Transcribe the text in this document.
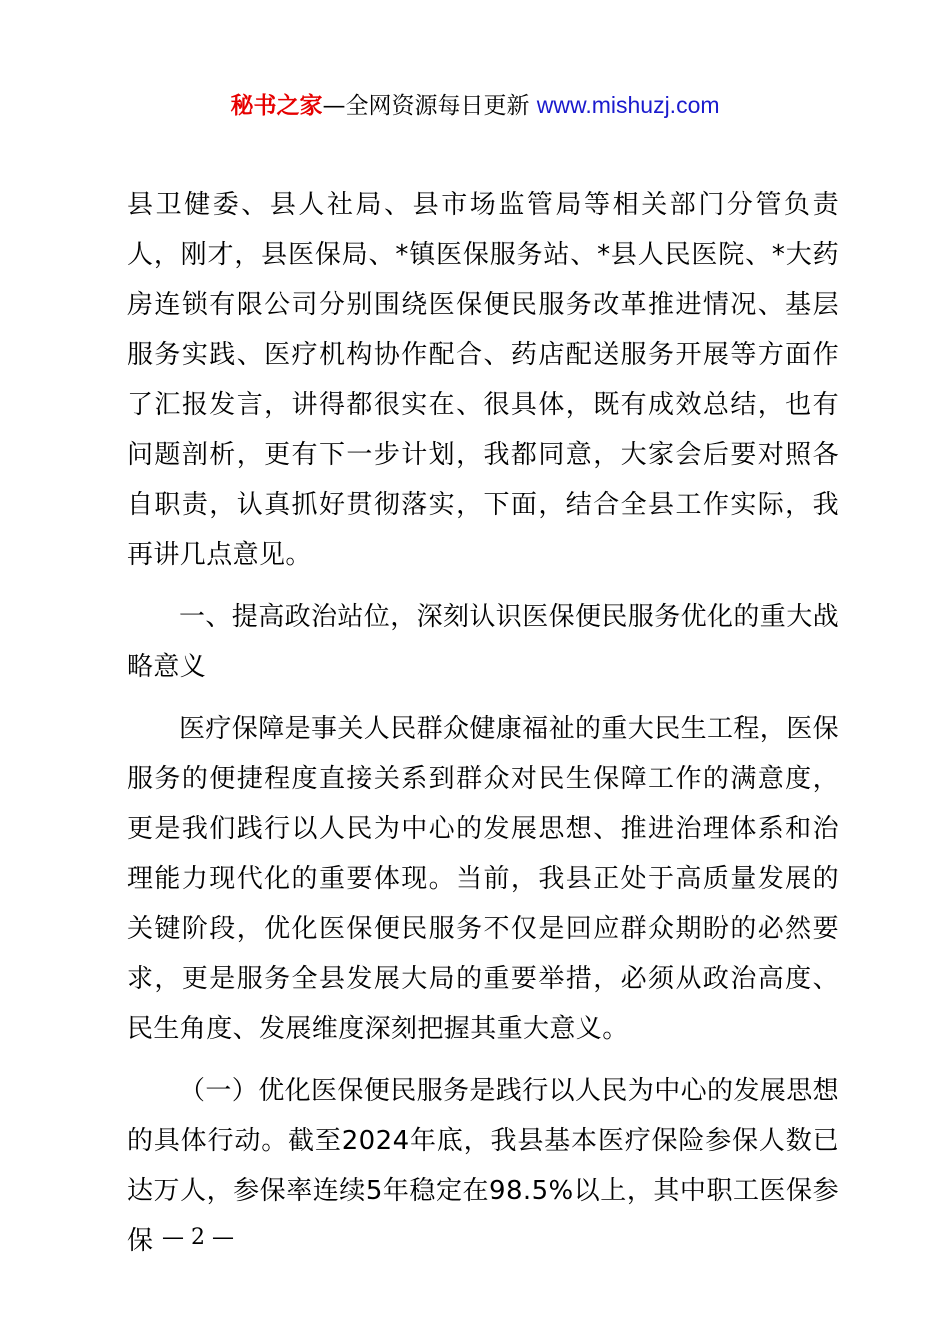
秘书之家—全网资源每日更新 www.mishuzj.com

县卫健委、县人社局、县市场监管局等相关部门分管负责人，刚才，县医保局、*镇医保服务站、*县人民医院、*大药房连锁有限公司分别围绕医保便民服务改革推进情况、基层服务实践、医疗机构协作配合、药店配送服务开展等方面作了汇报发言，讲得都很实在、很具体，既有成效总结，也有问题剖析，更有下一步计划，我都同意，大家会后要对照各自职责，认真抓好贯彻落实，下面，结合全县工作实际，我再讲几点意见。

一、提高政治站位，深刻认识医保便民服务优化的重大战略意义

医疗保障是事关人民群众健康福祉的重大民生工程，医保服务的便捷程度直接关系到群众对民生保障工作的满意度，更是我们践行以人民为中心的发展思想、推进治理体系和治理能力现代化的重要体现。当前，我县正处于高质量发展的关键阶段，优化医保便民服务不仅是回应群众期盼的必然要求，更是服务全县发展大局的重要举措，必须从政治高度、民生角度、发展维度深刻把握其重大意义。

（一）优化医保便民服务是践行以人民为中心的发展思想的具体行动。截至2024年底，我县基本医疗保险参保人数已达万人，参保率连续5年稳定在98.5%以上，其中职工医保参保 — 2 —
